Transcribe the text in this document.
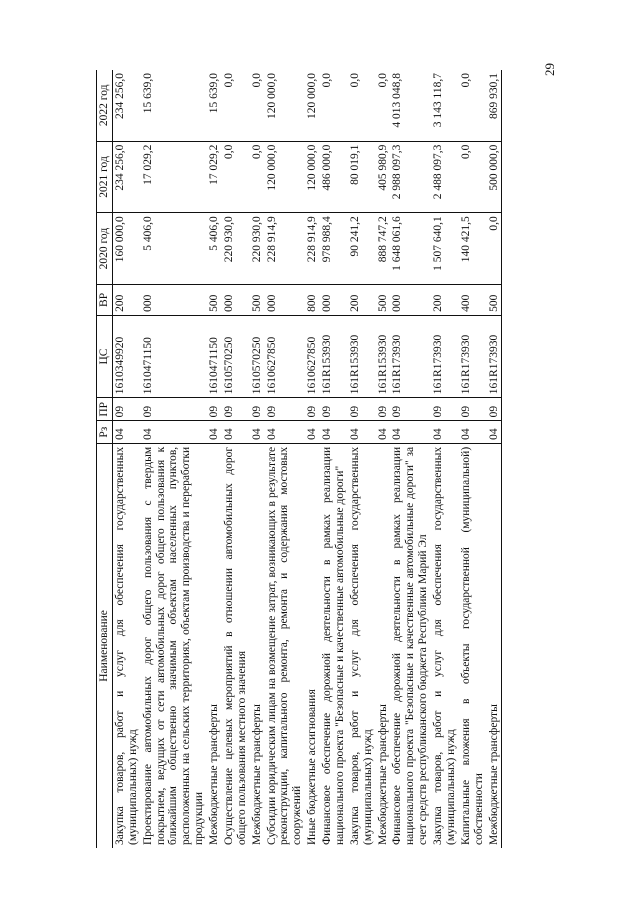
29
Наименование	Рз	ПР	ЦС	ВР	2020 год	2021 год	2022 год
Закупка товаров, работ и услуг для обеспечения государственных (муниципальных) нужд	04	09	1610349920	200	160 000,0	234 256,0	234 256,0
Проектирование автомобильных дорог общего пользования с твердым покрытием, ведущих от сети автомобильных дорог общего пользования к ближайшим общественно значимым объектам населенных пунктов, расположенных на сельских территориях, объектам производства и переработки продукции	04	09	1610471150	000	5 406,0	17 029,2	15 639,0
Межбюджетные трансферты	04	09	1610471150	500	5 406,0	17 029,2	15 639,0
Осуществление целевых мероприятий в отношении автомобильных дорог общего пользования местного значения	04	09	1610570250	000	220 930,0	0,0	0,0
Межбюджетные трансферты	04	09	1610570250	500	220 930,0	0,0	0,0
Субсидии юридическим лицам на возмещение затрат, возникающих в результате реконструкции, капитального ремонта, ремонта и содержания мостовых сооружений	04	09	1610627850	000	228 914,9	120 000,0	120 000,0
Иные бюджетные ассигнования	04	09	1610627850	800	228 914,9	120 000,0	120 000,0
Финансовое обеспечение дорожной деятельности в рамках реализации национального проекта "Безопасные и качественные автомобильные дороги"	04	09	161R153930	000	978 988,4	486 000,0	0,0
Закупка товаров, работ и услуг для обеспечения государственных (муниципальных) нужд	04	09	161R153930	200	90 241,2	80 019,1	0,0
Межбюджетные трансферты	04	09	161R153930	500	888 747,2	405 980,9	0,0
Финансовое обеспечение дорожной деятельности в рамках реализации национального проекта "Безопасные и качественные автомобильные дороги" за счет средств республиканского бюджета Республики Марий Эл	04	09	161R173930	000	1 648 061,6	2 988 097,3	4 013 048,8
Закупка товаров, работ и услуг для обеспечения государственных (муниципальных) нужд	04	09	161R173930	200	1 507 640,1	2 488 097,3	3 143 118,7
Капитальные вложения в объекты государственной (муниципальной) собственности	04	09	161R173930	400	140 421,5	0,0	0,0
Межбюджетные трансферты	04	09	161R173930	500	0,0	500 000,0	869 930,1
